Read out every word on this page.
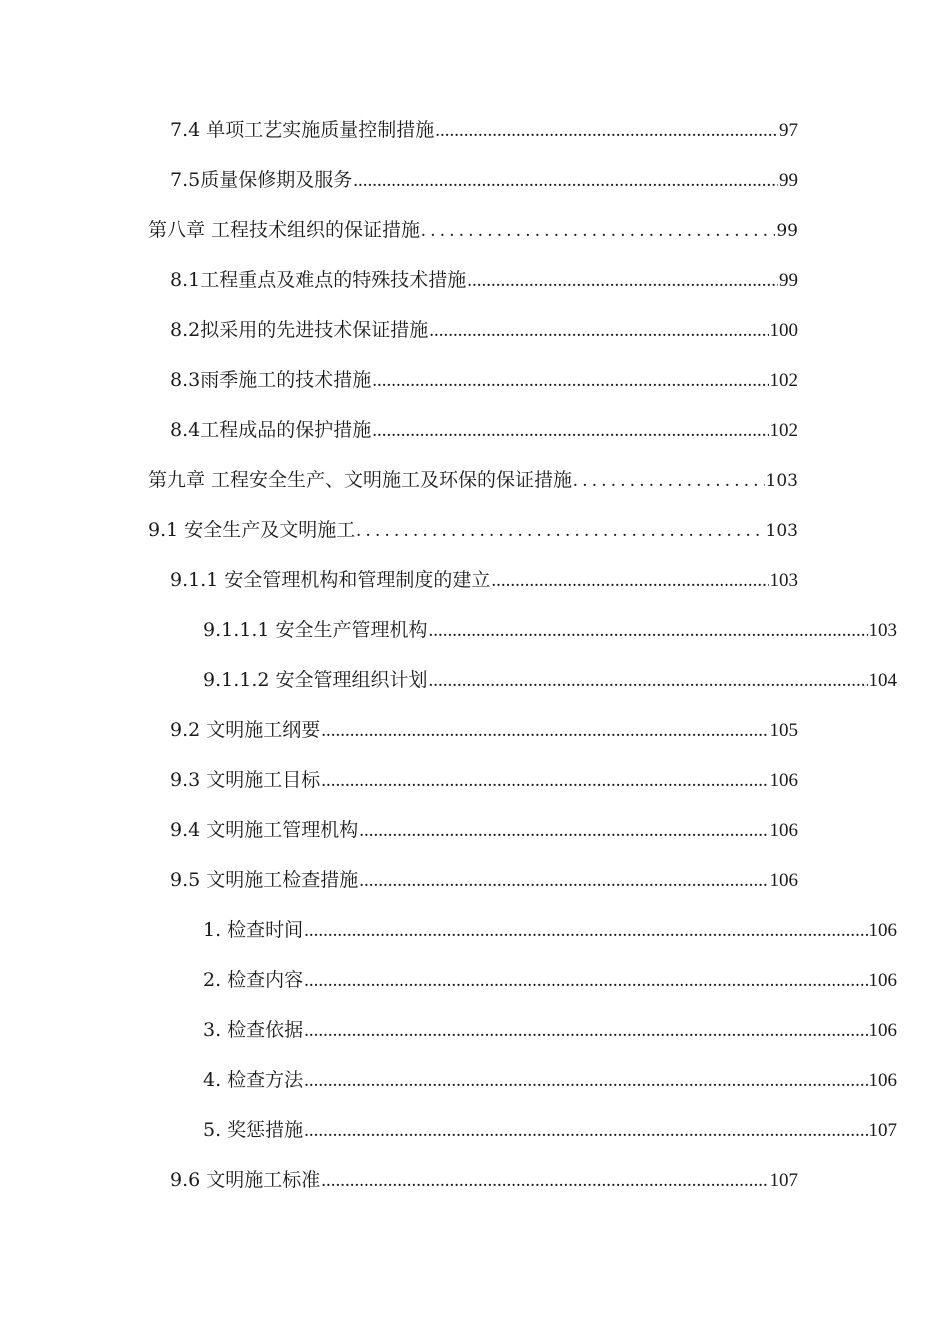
7.4 单项工艺实施质量控制措施 .....	97
7.5质量保修期及服务 .....	99
第八章 工程技术组织的保证措施 . . .	99
8.1工程重点及难点的特殊技术措施 .....	99
8.2拟采用的先进技术保证措施 .....	100
8.3雨季施工的技术措施 .....	102
8.4工程成品的保护措施 .....	102
第九章 工程安全生产、文明施工及环保的保证措施 . . .	103
9.1 安全生产及文明施工 . . .	103
9.1.1 安全管理机构和管理制度的建立 .....	103
9.1.1.1 安全生产管理机构 .....	103
9.1.1.2 安全管理组织计划 .....	104
9.2 文明施工纲要 .....	105
9.3 文明施工目标 .....	106
9.4 文明施工管理机构 .....	106
9.5 文明施工检查措施 .....	106
1. 检查时间 .....	106
2. 检查内容 .....	106
3. 检查依据 .....	106
4. 检查方法 .....	106
5. 奖惩措施 .....	107
9.6 文明施工标准 .....	107
